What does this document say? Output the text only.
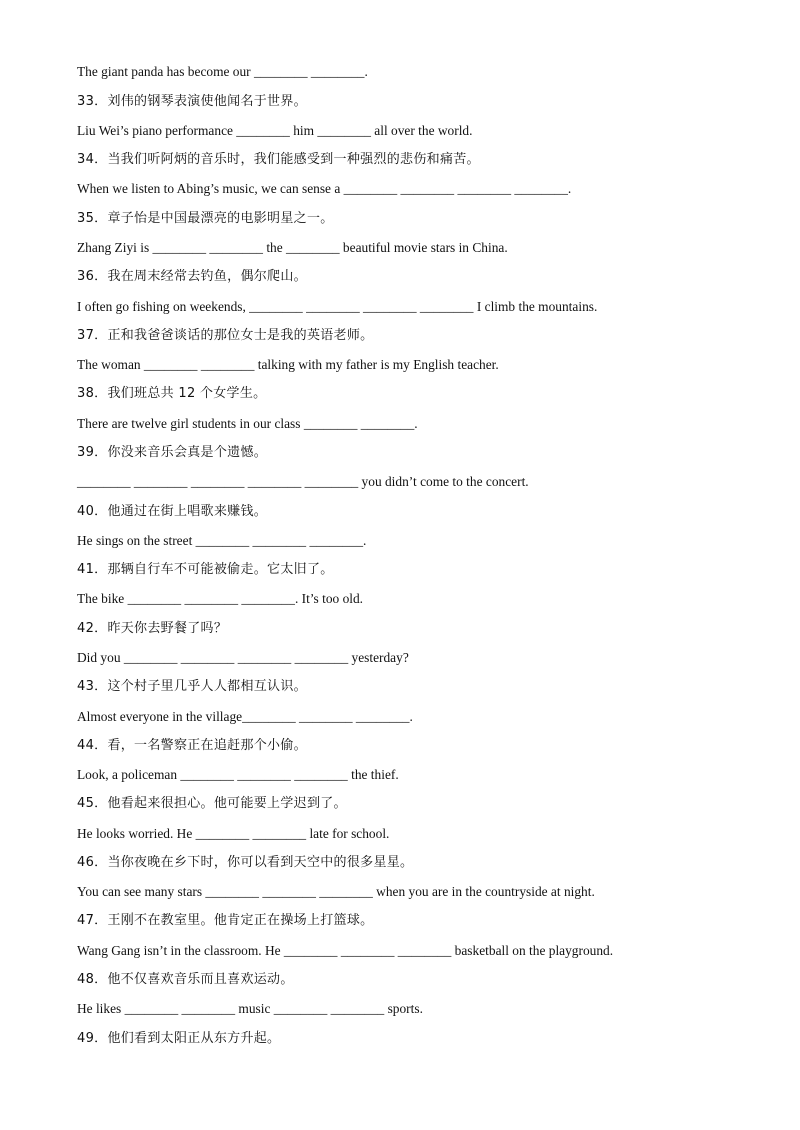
The giant panda has become our ________ ________.
33．刘伟的钢琴表演使他闻名于世界。
Liu Wei’s piano performance ________ him ________ all over the world.
34．当我们听阿炳的音乐时，我们能感受到一种强烈的悲伤和痛苦。
When we listen to Abing’s music, we can sense a ________ ________ ________ ________.
35．章子怡是中国最漂亮的电影明星之一。
Zhang Ziyi is ________ ________ the ________ beautiful movie stars in China.
36．我在周末经常去钓鱼，偶尔爬山。
I often go fishing on weekends, ________ ________ ________ ________ I climb the mountains.
37．正和我爸爸谈话的那位女士是我的英语老师。
The woman ________ ________ talking with my father is my English teacher.
38．我们班总共 12 个女学生。
There are twelve girl students in our class ________ ________.
39．你没来音乐会真是个遗憾。
________ ________ ________ ________ ________ you didn’t come to the concert.
40．他通过在街上唱歌来赚钱。
He sings on the street ________ ________ ________.
41．那辆自行车不可能被偷走。它太旧了。
The bike ________ ________ ________. It’s too old.
42．昨天你去野餐了吗？
Did you ________ ________ ________ ________ yesterday?
43．这个村子里几乎人人都相互认识。
Almost everyone in the village________ ________ ________.
44．看，一名警察正在追赶那个小偷。
Look, a policeman ________ ________ ________ the thief.
45．他看起来很担心。他可能要上学迟到了。
He looks worried. He ________ ________ late for school.
46．当你夜晚在乡下时，你可以看到天空中的很多星星。
You can see many stars ________ ________ ________ when you are in the countryside at night.
47．王刚不在教室里。他肯定正在操场上打篮球。
Wang Gang isn’t in the classroom. He ________ ________ ________ basketball on the playground.
48．他不仅喜欢音乐而且喜欢运动。
He likes ________ ________ music ________ ________ sports.
49．他们看到太阳正从东方升起。
